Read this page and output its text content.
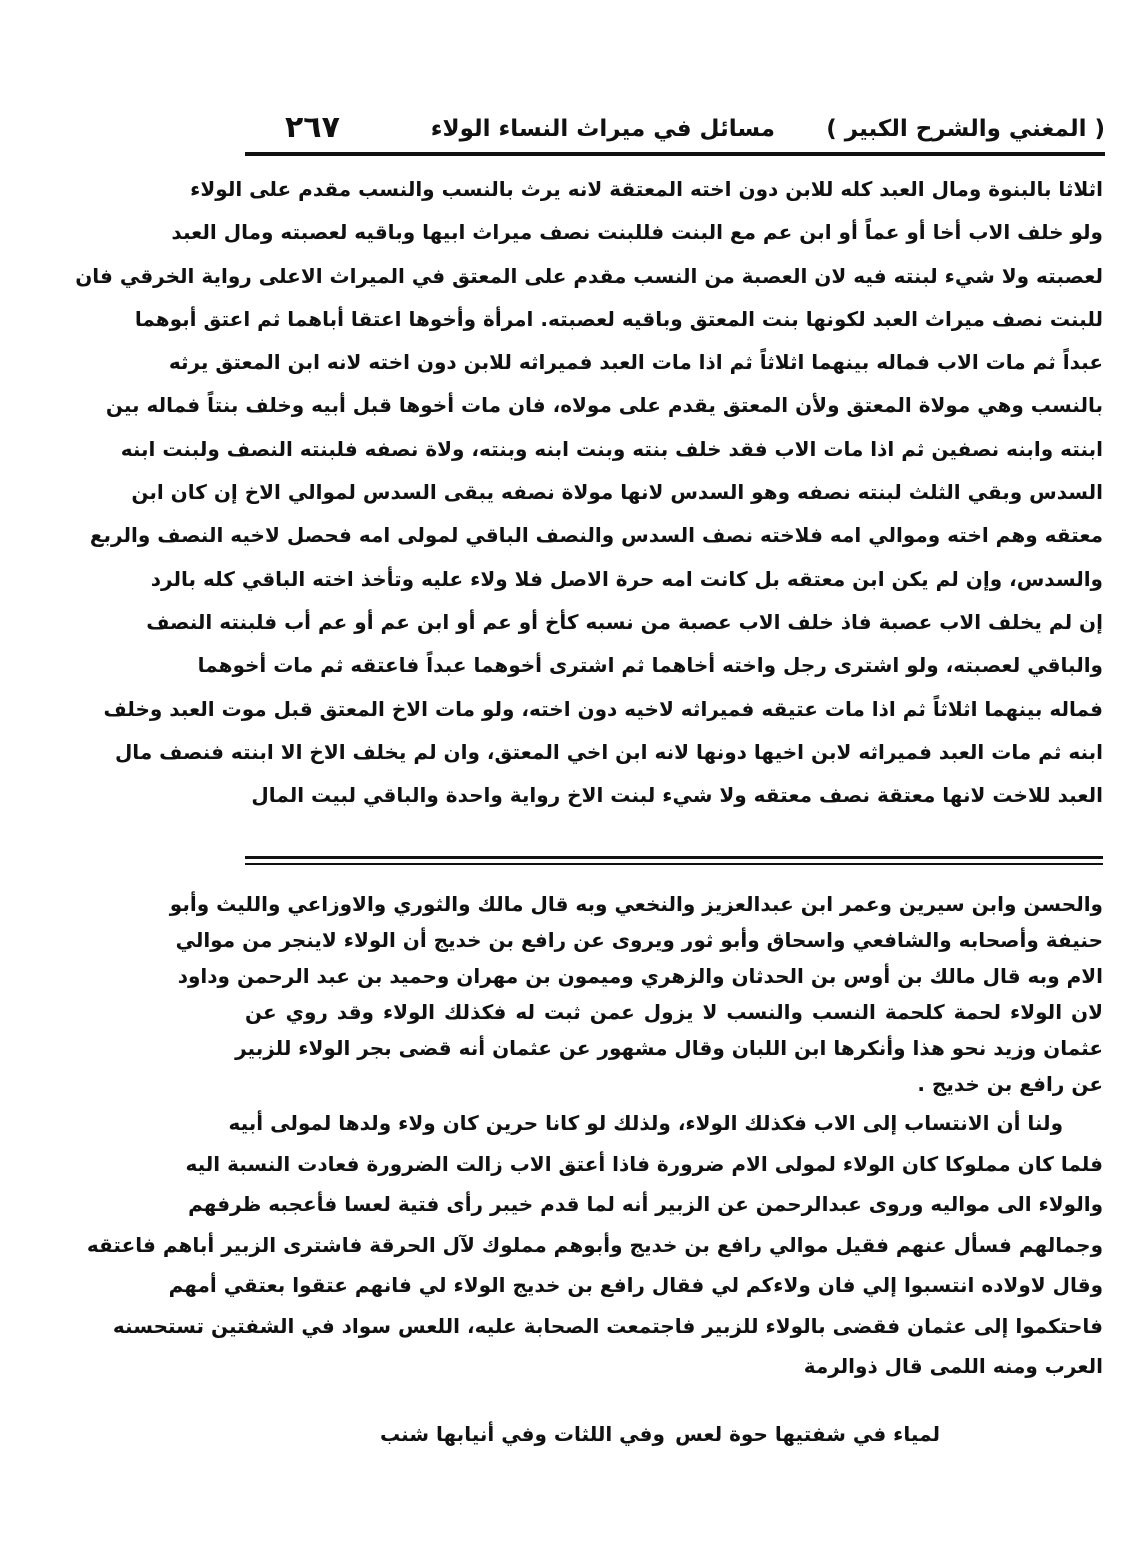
( المغني والشرح الكبير )
مسائل في ميراث النساء الولاء
٢٦٧
اثلاثا بالبنوة ومال العبد كله للابن دون اخته المعتقة لانه يرث بالنسب والنسب مقدم على الولاء
ولو خلف الاب أخا أو عماً أو ابن عم مع البنت فللبنت نصف ميراث ابيها وباقيه لعصبته ومال العبد
لعصبته ولا شيء لبنته فيه لان العصبة من النسب مقدم على المعتق في الميراث الاعلى رواية الخرقي فان
للبنت نصف ميراث العبد لكونها بنت المعتق وباقيه لعصبته. امرأة وأخوها اعتقا أباهما ثم اعتق أبوهما
عبداً ثم مات الاب فماله بينهما اثلاثاً ثم اذا مات العبد فميراثه للابن دون اخته لانه ابن المعتق يرثه
بالنسب وهي مولاة المعتق ولأن المعتق يقدم على مولاه، فان مات أخوها قبل أبيه وخلف بنتاً فماله بين
ابنته وابنه نصفين ثم اذا مات الاب فقد خلف بنته وبنت ابنه وبنته، ولاة نصفه فلبنته النصف ولبنت ابنه
السدس وبقي الثلث لبنته نصفه وهو السدس لانها مولاة نصفه يبقى السدس لموالي الاخ إن كان ابن
معتقه وهم اخته وموالي امه فلاخته نصف السدس والنصف الباقي لمولى امه فحصل لاخيه النصف والربع
والسدس، وإن لم يكن ابن معتقه بل كانت امه حرة الاصل فلا ولاء عليه وتأخذ اخته الباقي كله بالرد
إن لم يخلف الاب عصبة فاذ خلف الاب عصبة من نسبه كأخ أو عم أو ابن عم أو عم أب فلبنته النصف
والباقي لعصبته، ولو اشترى رجل واخته أخاهما ثم اشترى أخوهما عبداً فاعتقه ثم مات أخوهما
فماله بينهما اثلاثاً ثم اذا مات عتيقه فميراثه لاخيه دون اخته، ولو مات الاخ المعتق قبل موت العبد وخلف
ابنه ثم مات العبد فميراثه لابن اخيها دونها لانه ابن اخي المعتق، وان لم يخلف الاخ الا ابنته فنصف مال
العبد للاخت لانها معتقة نصف معتقه ولا شيء لبنت الاخ رواية واحدة والباقي لبيت المال
والحسن وابن سيرين وعمر ابن عبدالعزيز والنخعي وبه قال مالك والثوري والاوزاعي والليث وأبو
حنيفة وأصحابه والشافعي واسحاق وأبو ثور ويروى عن رافع بن خديج أن الولاء لاينجر من موالي
الام وبه قال مالك بن أوس بن الحدثان والزهري وميمون بن مهران وحميد بن عبد الرحمن وداود
لان الولاء لحمة كلحمة النسب والنسب لا يزول عمن ثبت له فكذلك الولاء وقد روي عن
عثمان وزيد نحو هذا وأنكرها ابن اللبان وقال مشهور عن عثمان أنه قضى بجر الولاء للزبير
عن رافع بن خديج .
ولنا أن الانتساب إلى الاب فكذلك الولاء، ولذلك لو كانا حرين كان ولاء ولدها لمولى أبيه
فلما كان مملوكا كان الولاء لمولى الام ضرورة فاذا أعتق الاب زالت الضرورة فعادت النسبة اليه
والولاء الى مواليه وروى عبدالرحمن عن الزبير أنه لما قدم خيبر رأى فتية لعسا فأعجبه ظرفهم
وجمالهم فسأل عنهم فقيل موالي رافع بن خديج وأبوهم مملوك لآل الحرقة فاشترى الزبير أباهم فاعتقه
وقال لاولاده انتسبوا إلي فان ولاءكم لي فقال رافع بن خديج الولاء لي فانهم عتقوا بعتقي أمهم
فاحتكموا إلى عثمان فقضى بالولاء للزبير فاجتمعت الصحابة عليه، اللعس سواد في الشفتين تستحسنه
العرب ومنه اللمى قال ذوالرمة
لمياء في شفتيها حوة لعس
وفي اللثات وفي أنيابها شنب
